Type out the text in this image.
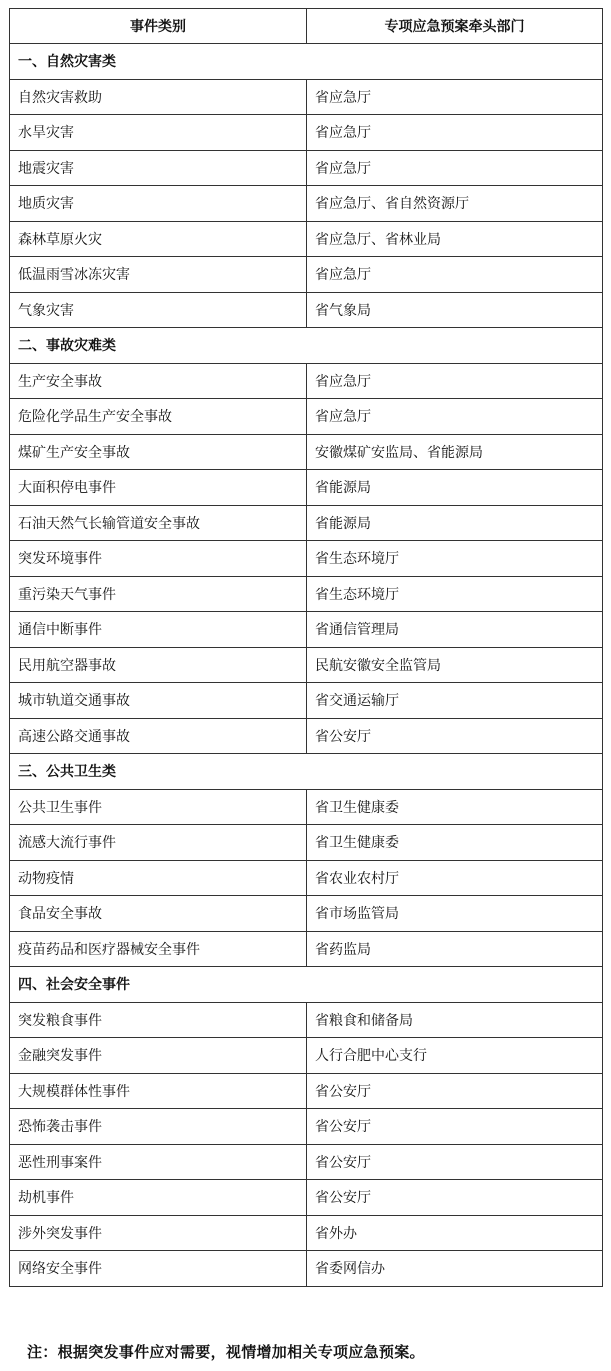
事件类别	专项应急预案牵头部门
一、自然灾害类	
自然灾害救助	省应急厅
水旱灾害	省应急厅
地震灾害	省应急厅
地质灾害	省应急厅、省自然资源厅
森林草原火灾	省应急厅、省林业局
低温雨雪冰冻灾害	省应急厅
气象灾害	省气象局
二、事故灾难类	
生产安全事故	省应急厅
危险化学品生产安全事故	省应急厅
煤矿生产安全事故	安徽煤矿安监局、省能源局
大面积停电事件	省能源局
石油天然气长输管道安全事故	省能源局
突发环境事件	省生态环境厅
重污染天气事件	省生态环境厅
通信中断事件	省通信管理局
民用航空器事故	民航安徽安全监管局
城市轨道交通事故	省交通运输厅
高速公路交通事故	省公安厅
三、公共卫生类	
公共卫生事件	省卫生健康委
流感大流行事件	省卫生健康委
动物疫情	省农业农村厅
食品安全事故	省市场监管局
疫苗药品和医疗器械安全事件	省药监局
四、社会安全事件	
突发粮食事件	省粮食和储备局
金融突发事件	人行合肥中心支行
大规模群体性事件	省公安厅
恐怖袭击事件	省公安厅
恶性刑事案件	省公安厅
劫机事件	省公安厅
涉外突发事件	省外办
网络安全事件	省委网信办
注：根据突发事件应对需要，视情增加相关专项应急预案。
